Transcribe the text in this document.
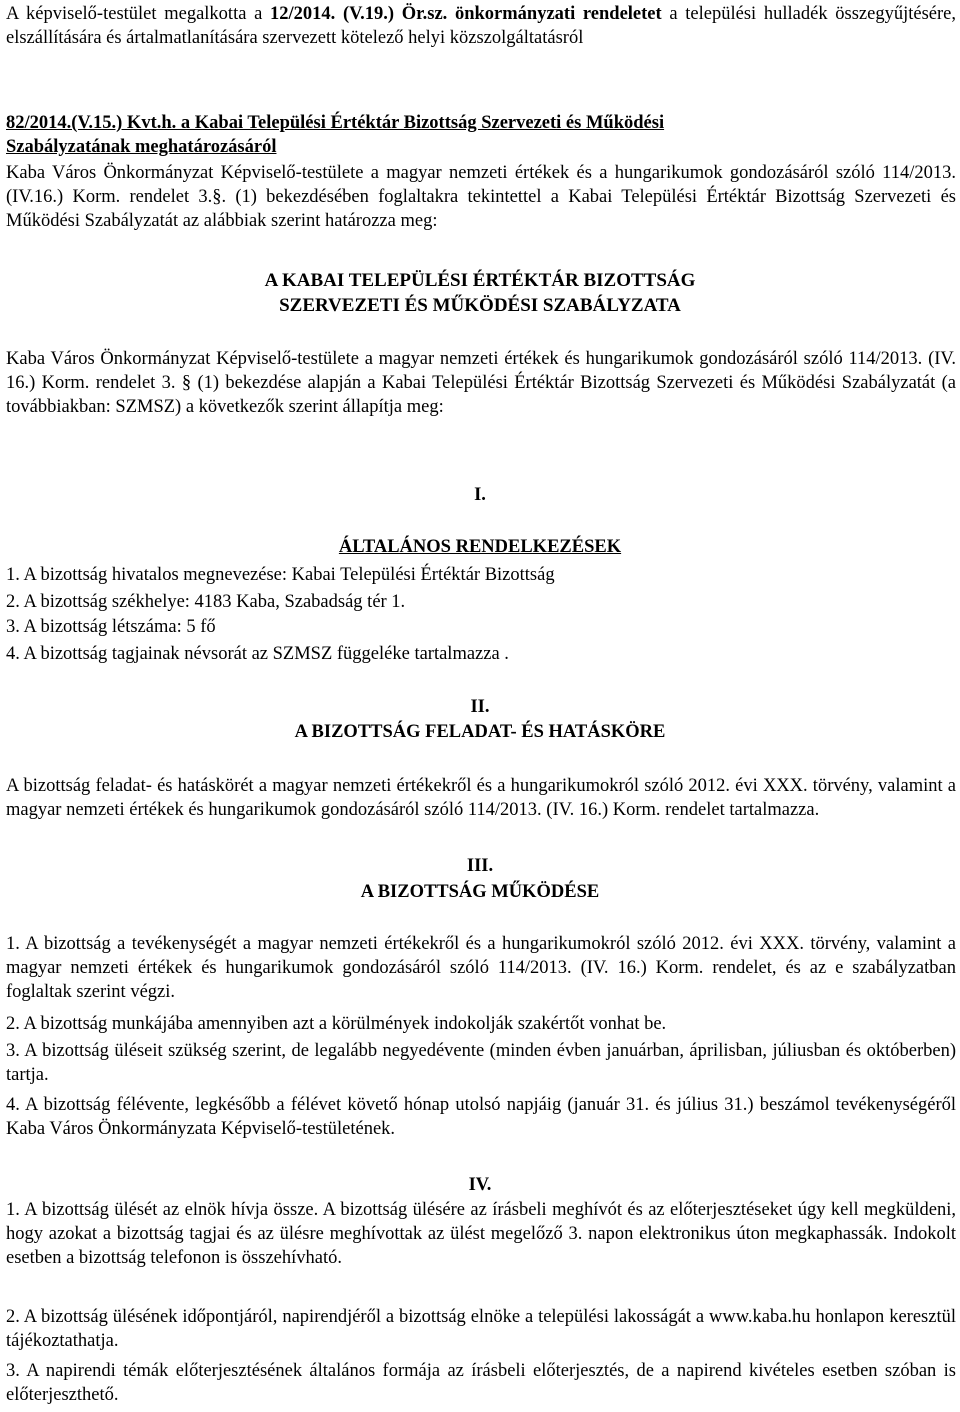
A képviselő-testület megalkotta a 12/2014. (V.19.) Ör.sz. önkormányzati rendeletet a települési hulladék összegyűjtésére, elszállítására és ártalmatlanítására szervezett kötelező helyi közszolgáltatásról

82/2014.(V.15.) Kvt.h. a Kabai Települési Értéktár Bizottság Szervezeti és Működési
Szabályzatának meghatározásáról

Kaba Város Önkormányzat Képviselő-testülete a magyar nemzeti értékek és a hungarikumok gondozásáról szóló 114/2013. (IV.16.) Korm. rendelet 3.§. (1) bekezdésében foglaltakra tekintettel a Kabai Települési Értéktár Bizottság Szervezeti és Működési Szabályzatát az alábbiak szerint határozza meg:

A KABAI TELEPÜLÉSI ÉRTÉKTÁR BIZOTTSÁG
SZERVEZETI ÉS MŰKÖDÉSI SZABÁLYZATA

Kaba Város Önkormányzat Képviselő-testülete a magyar nemzeti értékek és hungarikumok gondozásáról szóló 114/2013. (IV. 16.) Korm. rendelet 3. § (1) bekezdése alapján a Kabai Települési Értéktár Bizottság Szervezeti és Működési Szabályzatát (a továbbiakban: SZMSZ) a következők szerint állapítja meg:

I.

ÁLTALÁNOS RENDELKEZÉSEK

1. A bizottság hivatalos megnevezése: Kabai Települési Értéktár Bizottság

2. A bizottság székhelye: 4183 Kaba, Szabadság tér 1.

3. A bizottság létszáma: 5 fő

4. A bizottság tagjainak névsorát az SZMSZ függeléke tartalmazza .

II.

A BIZOTTSÁG FELADAT- ÉS HATÁSKÖRE

A bizottság feladat- és hatáskörét a magyar nemzeti értékekről és a hungarikumokról szóló 2012. évi XXX. törvény, valamint a magyar nemzeti értékek és hungarikumok gondozásáról szóló 114/2013. (IV. 16.) Korm. rendelet tartalmazza.

III.

A BIZOTTSÁG MŰKÖDÉSE

1. A bizottság a tevékenységét a magyar nemzeti értékekről és a hungarikumokról szóló 2012. évi XXX. törvény, valamint a magyar nemzeti értékek és hungarikumok gondozásáról szóló 114/2013. (IV. 16.) Korm. rendelet, és az e szabályzatban foglaltak szerint végzi.

2. A bizottság munkájába amennyiben azt a körülmények indokolják szakértőt vonhat be.

3. A bizottság üléseit szükség szerint, de legalább negyedévente (minden évben januárban, áprilisban, júliusban és októberben) tartja.

4. A bizottság félévente, legkésőbb a félévet követő hónap utolsó napjáig (január 31. és július 31.) beszámol tevékenységéről Kaba Város Önkormányzata Képviselő-testületének.

IV.

1. A bizottság ülését az elnök hívja össze. A bizottság ülésére az írásbeli meghívót és az előterjesztéseket úgy kell megküldeni, hogy azokat a bizottság tagjai és az ülésre meghívottak az ülést megelőző 3. napon elektronikus úton megkaphassák. Indokolt esetben a bizottság telefonon is összehívható.

2. A bizottság ülésének időpontjáról, napirendjéről a bizottság elnöke a települési lakosságát a www.kaba.hu honlapon keresztül tájékoztathatja.

3. A napirendi témák előterjesztésének általános formája az írásbeli előterjesztés, de a napirend kivételes esetben szóban is előterjeszthető.
